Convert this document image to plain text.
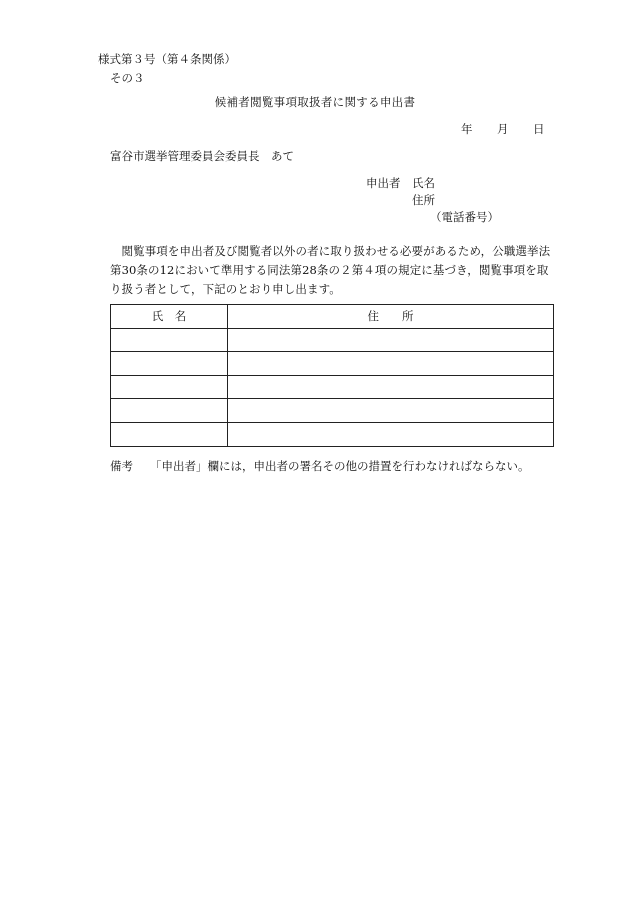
様式第３号（第４条関係）
その３
候補者閲覧事項取扱者に関する申出書
年 月 日
富谷市選挙管理委員会委員長　あて
申出者 氏名
住所
（電話番号）

閲覧事項を申出者及び閲覧者以外の者に取り扱わせる必要があるため，公職選挙法第30条の12において準用する同法第28条の２第４項の規定に基づき，閲覧事項を取り扱う者として，下記のとおり申し出ます。

氏　名	住　　所

備考 「申出者」欄には，申出者の署名その他の措置を行わなければならない。
